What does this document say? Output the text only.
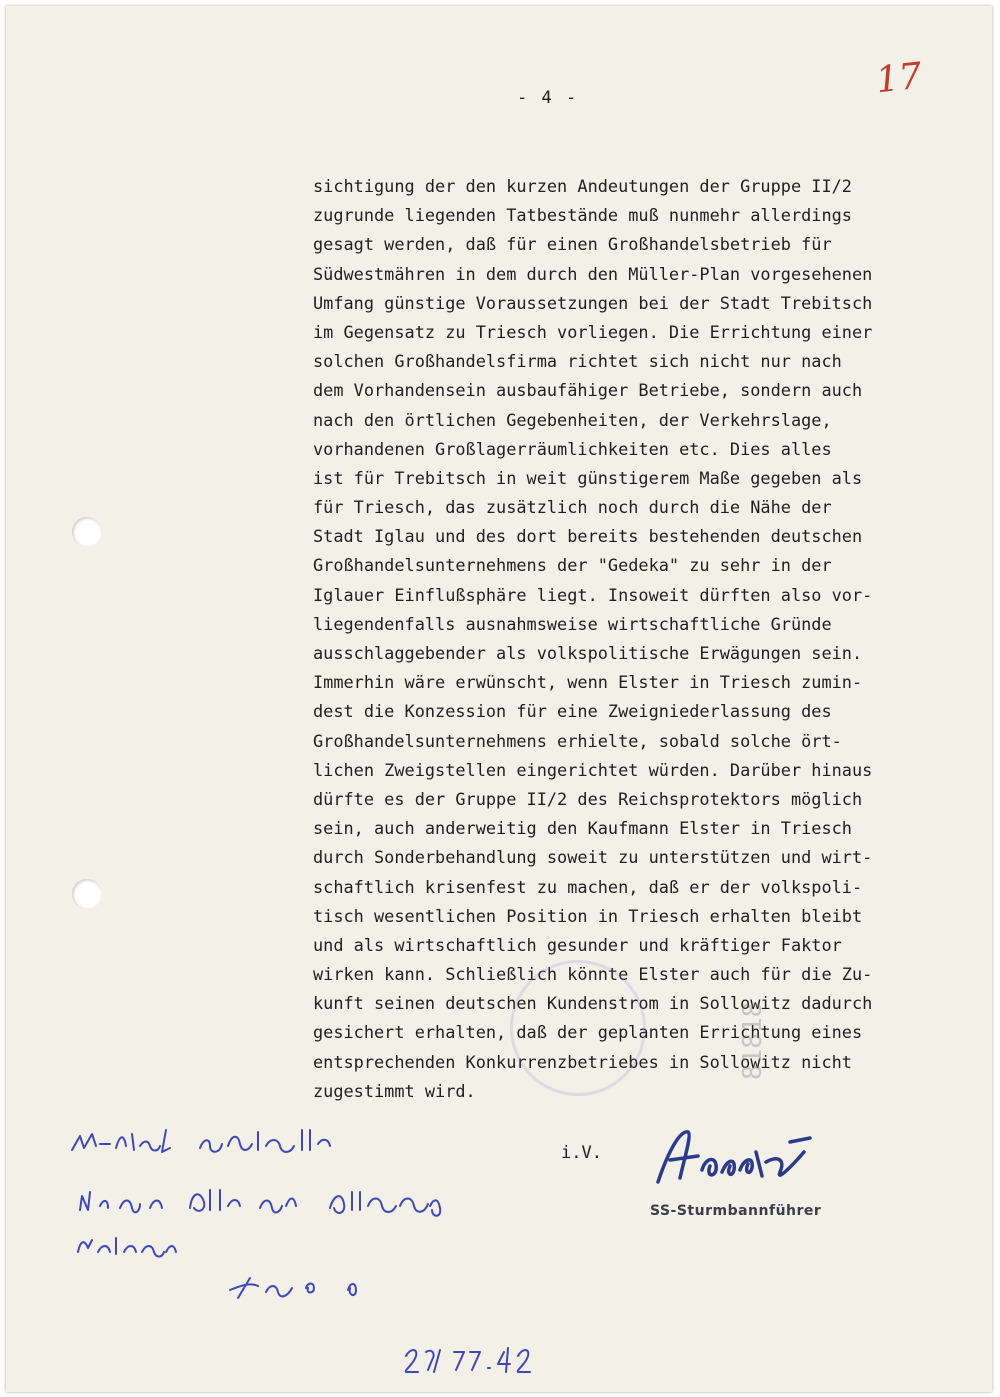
- 4 -	17
sichtigung der den kurzen Andeutungen der Gruppe II/2
zugrunde liegenden Tatbestände muß nunmehr allerdings
gesagt werden, daß für einen Großhandelsbetrieb für
Südwestmähren in dem durch den Müller-Plan vorgesehenen
Umfang günstige Voraussetzungen bei der Stadt Trebitsch
im Gegensatz zu Triesch vorliegen. Die Errichtung einer
solchen Großhandelsfirma richtet sich nicht nur nach
dem Vorhandensein ausbaufähiger Betriebe, sondern auch
nach den örtlichen Gegebenheiten, der Verkehrslage,
vorhandenen Großlagerräumlichkeiten etc. Dies alles
ist für Trebitsch in weit günstigerem Maße gegeben als
für Triesch, das zusätzlich noch durch die Nähe der
Stadt Iglau und des dort bereits bestehenden deutschen
Großhandelsunternehmens der "Gedeka" zu sehr in der
Iglauer Einflußsphäre liegt. Insoweit dürften also vor-
liegendenfalls ausnahmsweise wirtschaftliche Gründe
ausschlaggebender als volkspolitische Erwägungen sein.
Immerhin wäre erwünscht, wenn Elster in Triesch zumin-
dest die Konzession für eine Zweigniederlassung des
Großhandelsunternehmens erhielte, sobald solche ört-
lichen Zweigstellen eingerichtet würden. Darüber hinaus
dürfte es der Gruppe II/2 des Reichsprotektors möglich
sein, auch anderweitig den Kaufmann Elster in Triesch
durch Sonderbehandlung soweit zu unterstützen und wirt-
schaftlich krisenfest zu machen, daß er der volkspoli-
tisch wesentlichen Position in Triesch erhalten bleibt
und als wirtschaftlich gesunder und kräftiger Faktor
wirken kann. Schließlich könnte Elster auch für die Zu-
kunft seinen deutschen Kundenstrom in Sollowitz dadurch
gesichert erhalten, daß der geplanten Errichtung eines
entsprechenden Konkurrenzbetriebes in Sollowitz nicht
zugestimmt wird.
i.V.
81818
SS-Sturmbannführer
